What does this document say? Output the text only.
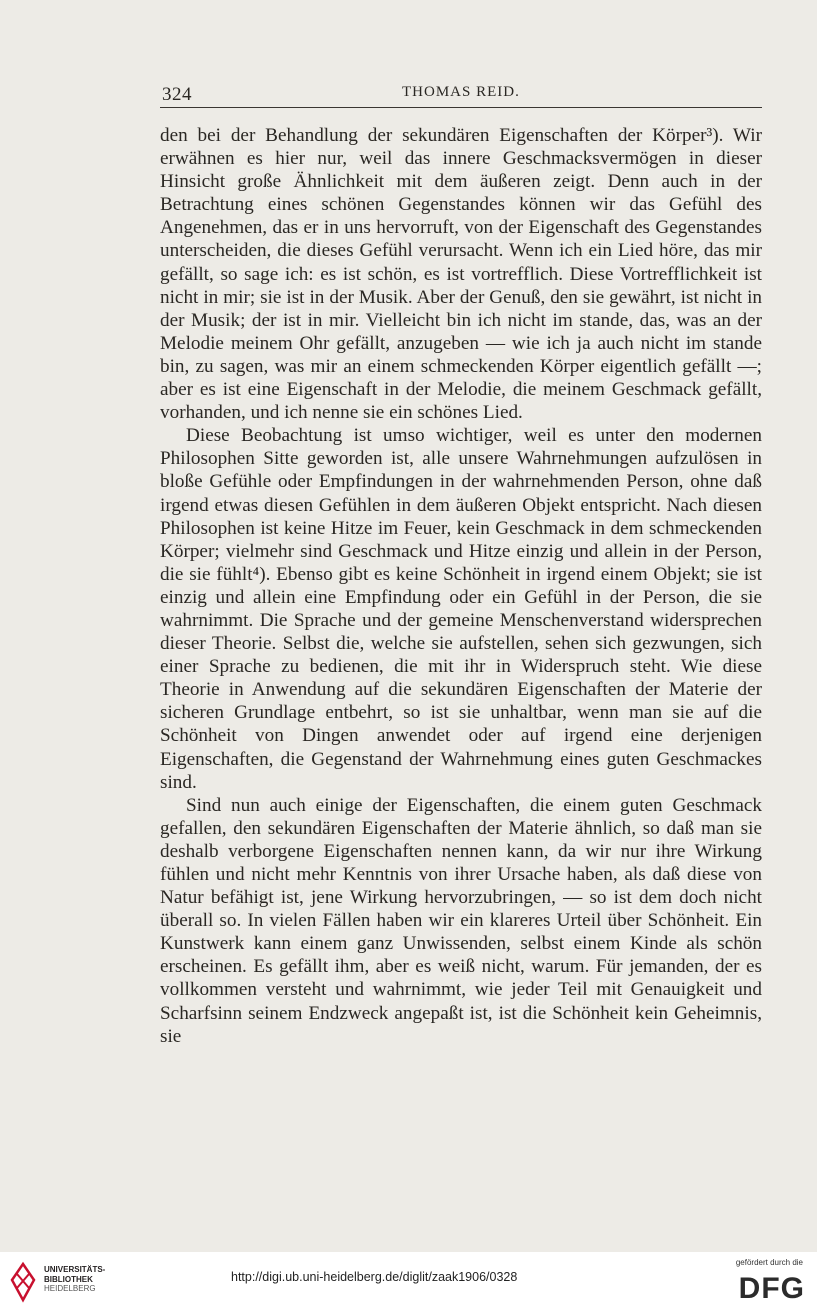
324	THOMAS REID.

den bei der Behandlung der sekundären Eigenschaften der Körper³). Wir erwähnen es hier nur, weil das innere Geschmacksvermögen in dieser Hinsicht große Ähnlichkeit mit dem äußeren zeigt. Denn auch in der Betrachtung eines schönen Gegenstandes können wir das Gefühl des Angenehmen, das er in uns hervorruft, von der Eigenschaft des Gegenstandes unterscheiden, die dieses Gefühl verursacht. Wenn ich ein Lied höre, das mir gefällt, so sage ich: es ist schön, es ist vortrefflich. Diese Vortrefflichkeit ist nicht in mir; sie ist in der Musik. Aber der Genuß, den sie gewährt, ist nicht in der Musik; der ist in mir. Vielleicht bin ich nicht im stande, das, was an der Melodie meinem Ohr gefällt, anzugeben — wie ich ja auch nicht im stande bin, zu sagen, was mir an einem schmeckenden Körper eigentlich gefällt —; aber es ist eine Eigenschaft in der Melodie, die meinem Geschmack gefällt, vorhanden, und ich nenne sie ein schönes Lied.

Diese Beobachtung ist umso wichtiger, weil es unter den modernen Philosophen Sitte geworden ist, alle unsere Wahrnehmungen aufzulösen in bloße Gefühle oder Empfindungen in der wahrnehmenden Person, ohne daß irgend etwas diesen Gefühlen in dem äußeren Objekt entspricht. Nach diesen Philosophen ist keine Hitze im Feuer, kein Geschmack in dem schmeckenden Körper; vielmehr sind Geschmack und Hitze einzig und allein in der Person, die sie fühlt⁴). Ebenso gibt es keine Schönheit in irgend einem Objekt; sie ist einzig und allein eine Empfindung oder ein Gefühl in der Person, die sie wahrnimmt. Die Sprache und der gemeine Menschenverstand widersprechen dieser Theorie. Selbst die, welche sie aufstellen, sehen sich gezwungen, sich einer Sprache zu bedienen, die mit ihr in Widerspruch steht. Wie diese Theorie in Anwendung auf die sekundären Eigenschaften der Materie der sicheren Grundlage entbehrt, so ist sie unhaltbar, wenn man sie auf die Schönheit von Dingen anwendet oder auf irgend eine derjenigen Eigenschaften, die Gegenstand der Wahrnehmung eines guten Geschmackes sind.

Sind nun auch einige der Eigenschaften, die einem guten Geschmack gefallen, den sekundären Eigenschaften der Materie ähnlich, so daß man sie deshalb verborgene Eigenschaften nennen kann, da wir nur ihre Wirkung fühlen und nicht mehr Kenntnis von ihrer Ursache haben, als daß diese von Natur befähigt ist, jene Wirkung hervorzubringen, — so ist dem doch nicht überall so. In vielen Fällen haben wir ein klareres Urteil über Schönheit. Ein Kunstwerk kann einem ganz Unwissenden, selbst einem Kinde als schön erscheinen. Es gefällt ihm, aber es weiß nicht, warum. Für jemanden, der es vollkommen versteht und wahrnimmt, wie jeder Teil mit Genauigkeit und Scharfsinn seinem Endzweck angepaßt ist, ist die Schönheit kein Geheimnis, sie

UNIVERSITÄTS-
BIBLIOTHEK
HEIDELBERG
http://digi.ub.uni-heidelberg.de/diglit/zaak1906/0328
gefördert durch die
DFG
